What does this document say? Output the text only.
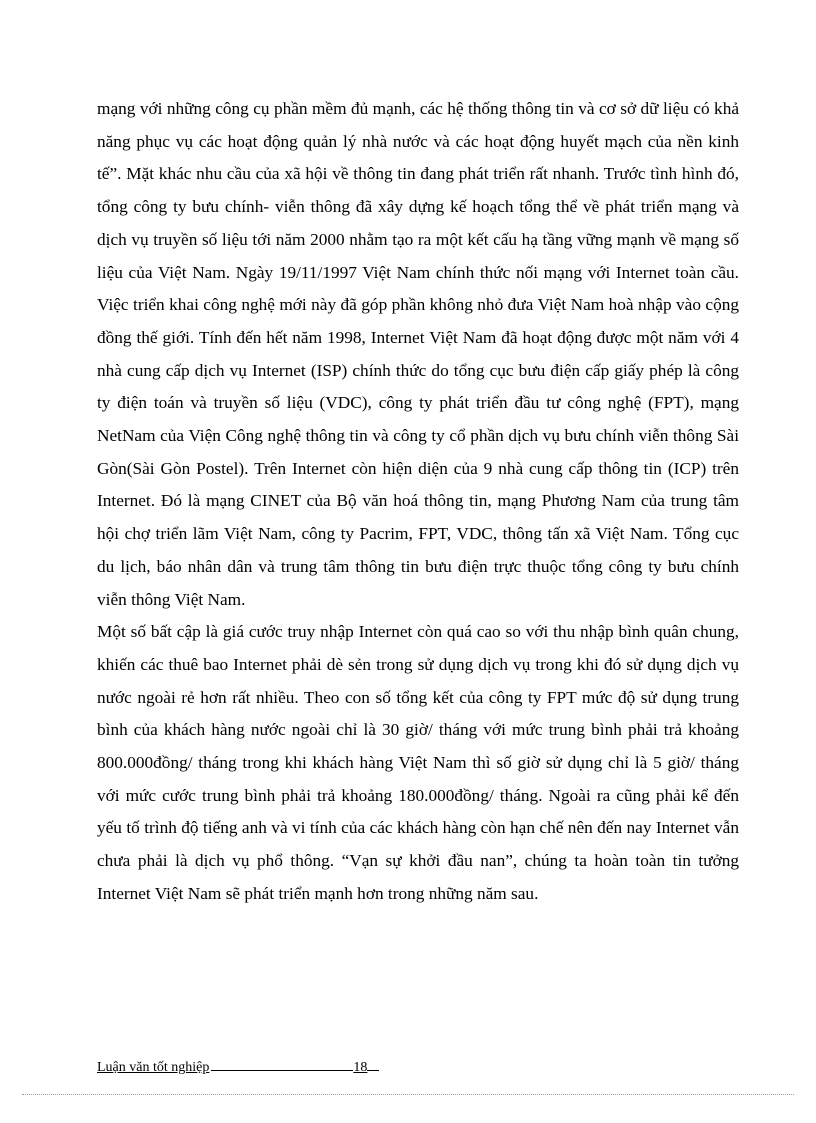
mạng với những công cụ phần mềm đủ mạnh, các hệ thống thông tin và cơ sở dữ liệu có khả năng phục vụ các hoạt động quản lý nhà nước và các hoạt động huyết mạch của nền kinh tế”. Mặt khác nhu cầu của xã hội về thông tin đang phát triển rất nhanh. Trước tình hình đó, tổng công ty bưu chính- viễn thông đã xây dựng kế hoạch tổng thể về phát triển mạng và dịch vụ truyền số liệu tới năm 2000 nhằm tạo ra một kết cấu hạ tầng vững mạnh về mạng số liệu của Việt Nam. Ngày 19/11/1997 Việt Nam chính thức nối mạng với Internet toàn cầu. Việc triển khai công nghệ mới này đã góp phần không nhỏ đưa Việt Nam hoà nhập vào cộng đồng thế giới. Tính đến hết năm 1998, Internet Việt Nam đã hoạt động được một năm với 4 nhà cung cấp dịch vụ Internet (ISP) chính thức do tổng cục bưu điện cấp giấy phép là công ty điện toán và truyền số liệu (VDC), công ty phát triển đầu tư công nghệ (FPT), mạng NetNam của Viện Công nghệ thông tin và công ty cổ phần dịch vụ bưu chính viễn thông Sài Gòn(Sài Gòn Postel). Trên Internet còn hiện diện của 9 nhà cung cấp thông tin (ICP) trên Internet. Đó là mạng CINET của Bộ văn hoá thông tin, mạng Phương Nam của trung tâm hội chợ triển lãm Việt Nam, công ty Pacrim, FPT, VDC, thông tấn xã Việt Nam. Tổng cục du lịch, báo nhân dân và trung tâm thông tin bưu điện trực thuộc tổng công ty bưu chính viễn thông Việt Nam.

Một số bất cập là giá cước truy nhập Internet còn quá cao so với thu nhập bình quân chung, khiến các thuê bao Internet phải dè sẻn trong sử dụng dịch vụ trong khi đó sử dụng dịch vụ nước ngoài rẻ hơn rất nhiều. Theo con số tổng kết của công ty FPT mức độ sử dụng trung bình của khách hàng nước ngoài chỉ là 30 giờ/ tháng với mức trung bình phải trả khoảng 800.000đồng/ tháng trong khi khách hàng Việt Nam thì số giờ sử dụng chỉ là 5 giờ/ tháng với mức cước trung bình phải trả khoảng 180.000đồng/ tháng. Ngoài ra cũng phải kể đến yếu tố trình độ tiếng anh và vi tính của các khách hàng còn hạn chế nên đến nay Internet vẫn chưa phải là dịch vụ phổ thông. “Vạn sự khởi đầu nan”, chúng ta hoàn toàn tin tưởng Internet Việt Nam sẽ phát triển mạnh hơn trong những năm sau.

Luận văn tốt nghiệp	18
